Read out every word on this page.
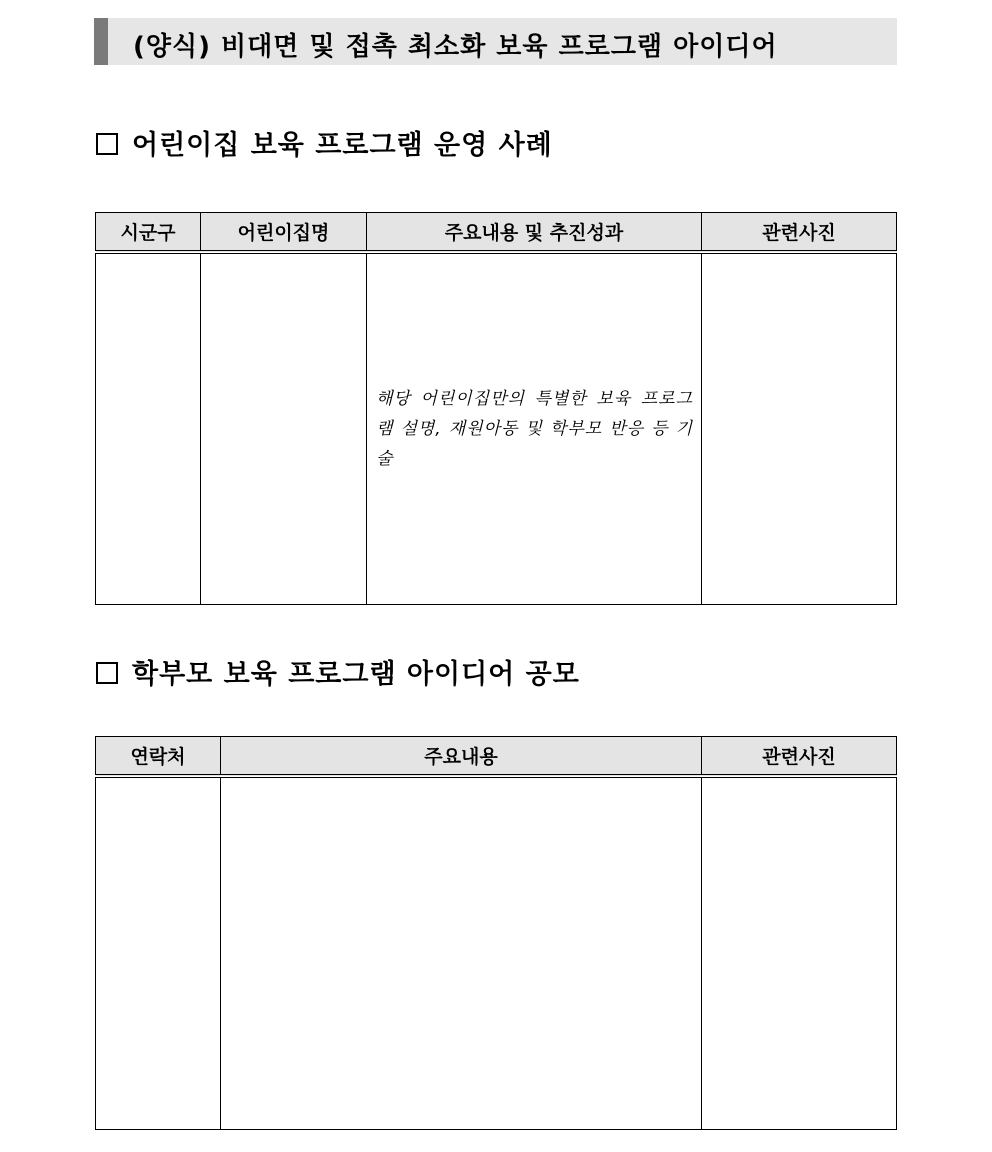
(양식) 비대면 및 접촉 최소화 보육 프로그램 아이디어
어린이집 보육 프로그램 운영 사례
시군구	어린이집명	주요내용 및 추진성과	관련사진

		해당 어린이집만의 특별한 보육 프로그램 설명, 재원아동 및 학부모 반응 등 기술	

학부모 보육 프로그램 아이디어 공모
연락처	주요내용	관련사진
